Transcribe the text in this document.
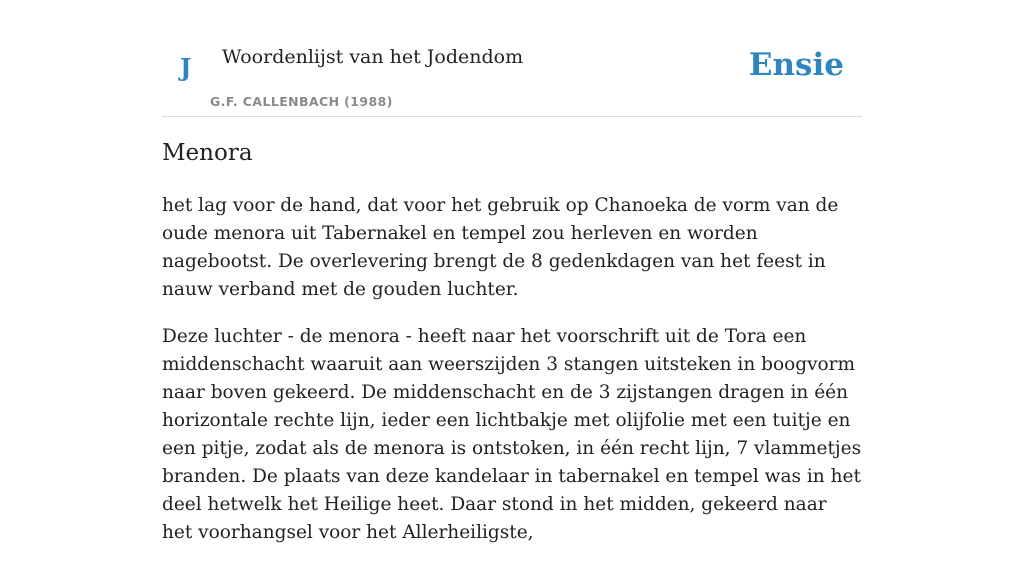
J Woordenlijst van het Jodendom
G.F. CALLENBACH (1988)
Ensie
Menora

het lag voor de hand, dat voor het gebruik op Chanoeka de vorm van de oude menora uit Tabernakel en tempel zou herleven en worden nagebootst. De overlevering brengt de 8 gedenkdagen van het feest in nauw verband met de gouden luchter.

Deze luchter - de menora - heeft naar het voorschrift uit de Tora een middenschacht waaruit aan weerszijden 3 stangen uitsteken in boogvorm naar boven gekeerd. De middenschacht en de 3 zijstangen dragen in één horizontale rechte lijn, ieder een lichtbakje met olijfolie met een tuitje en een pitje, zodat als de menora is ontstoken, in één recht lijn, 7 vlammetjes branden. De plaats van deze kandelaar in tabernakel en tempel was in het deel hetwelk het Heilige heet. Daar stond in het midden, gekeerd naar het voorhangsel voor het Allerheiligste,
